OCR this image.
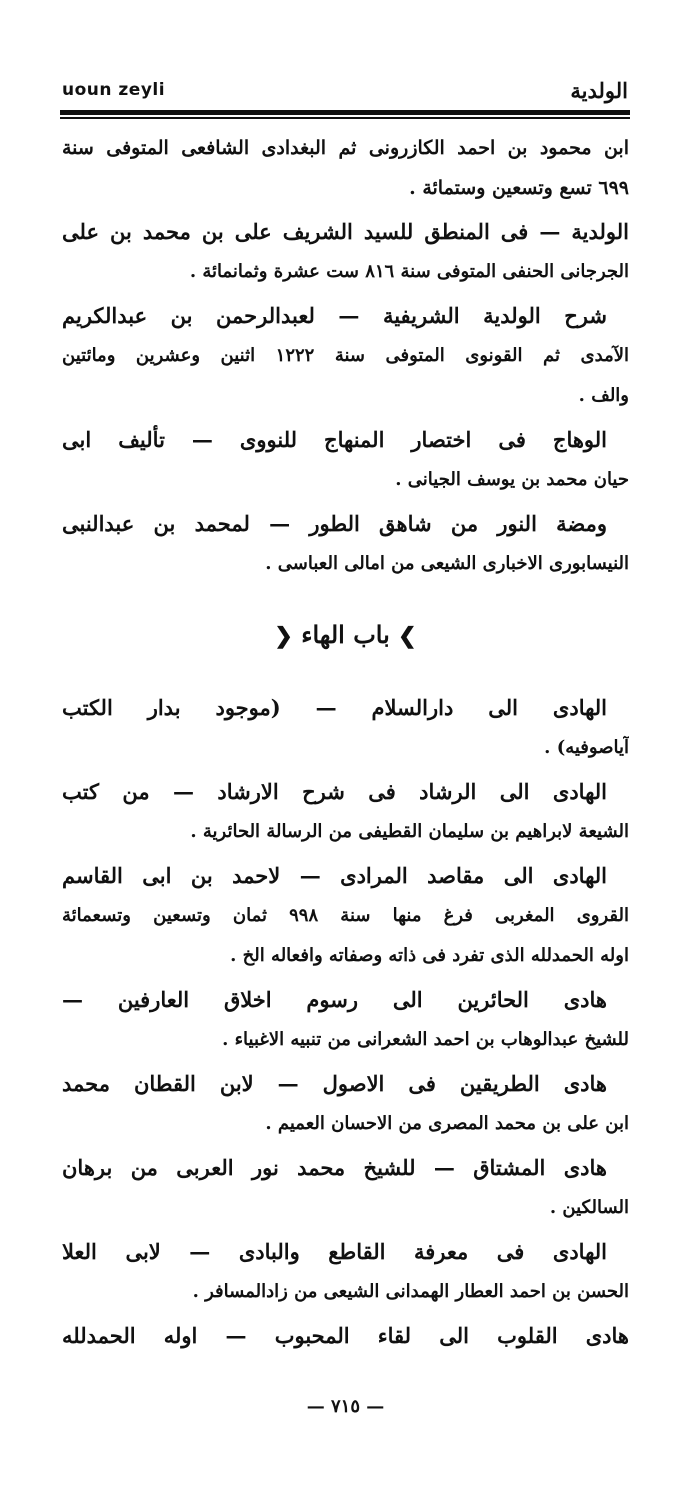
uoun zeyli	الولدية
ابن محمود بن احمد الكازرونى ثم البغدادى الشافعى المتوفى سنة
٦٩٩ تسع وتسعين وستمائة .
الولدية — فى المنطق للسيد الشريف على بن محمد بن على
الجرجانى الحنفى المتوفى سنة ٨١٦ ست عشرة وثمانمائة .
شرح الولدية الشريفية — لعبدالرحمن بن عبدالكريم
الآمدى ثم القونوى المتوفى سنة ١٢٢٢ اثنين وعشرين ومائتين
والف .
الوهاج فى اختصار المنهاج للنووى — تأليف ابى
حيان محمد بن يوسف الجيانى .
ومضة النور من شاهق الطور — لمحمد بن عبدالنبى
النيسابورى الاخبارى الشيعى من امالى العباسى .
❯ باب الهاء ❮
الهادى الى دارالسلام — (موجود بدار الكتب
آياصوفيه) .
الهادى الى الرشاد فى شرح الارشاد — من كتب
الشيعة لابراهيم بن سليمان القطيفى من الرسالة الحائرية .
الهادى الى مقاصد المرادى — لاحمد بن ابى القاسم
القروى المغربى فرغ منها سنة ٩٩٨ ثمان وتسعين وتسعمائة
اوله الحمدلله الذى تفرد فى ذاته وصفاته وافعاله الخ .
هادى الحائرين الى رسوم اخلاق العارفين —
للشيخ عبدالوهاب بن احمد الشعرانى من تنبيه الاغبياء .
هادى الطريقين فى الاصول — لابن القطان محمد
ابن على بن محمد المصرى من الاحسان العميم .
هادى المشتاق — للشيخ محمد نور العربى من برهان
السالكين .
الهادى فى معرفة القاطع والبادى — لابى العلا
الحسن بن احمد العطار الهمدانى الشيعى من زادالمسافر .
هادى القلوب الى لقاء المحبوب — اوله الحمدلله
— ٧١٥ —
